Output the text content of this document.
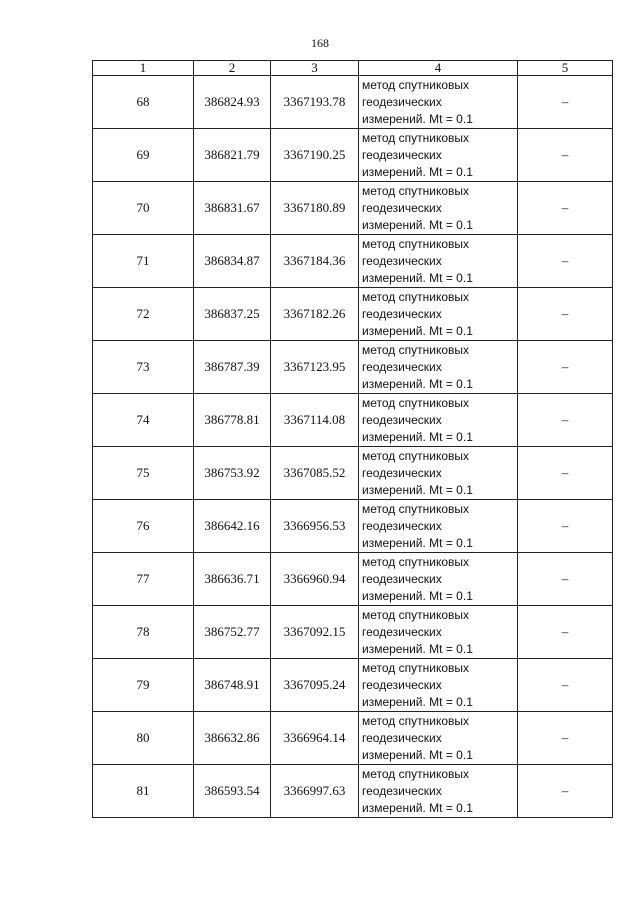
168
1	2	3	4	5
68	386824.93	3367193.78	метод спутниковых
геодезических
измерений. Mt = 0.1	–
69	386821.79	3367190.25	метод спутниковых
геодезических
измерений. Mt = 0.1	–
70	386831.67	3367180.89	метод спутниковых
геодезических
измерений. Mt = 0.1	–
71	386834.87	3367184.36	метод спутниковых
геодезических
измерений. Mt = 0.1	–
72	386837.25	3367182.26	метод спутниковых
геодезических
измерений. Mt = 0.1	–
73	386787.39	3367123.95	метод спутниковых
геодезических
измерений. Mt = 0.1	–
74	386778.81	3367114.08	метод спутниковых
геодезических
измерений. Mt = 0.1	–
75	386753.92	3367085.52	метод спутниковых
геодезических
измерений. Mt = 0.1	–
76	386642.16	3366956.53	метод спутниковых
геодезических
измерений. Mt = 0.1	–
77	386636.71	3366960.94	метод спутниковых
геодезических
измерений. Mt = 0.1	–
78	386752.77	3367092.15	метод спутниковых
геодезических
измерений. Mt = 0.1	–
79	386748.91	3367095.24	метод спутниковых
геодезических
измерений. Mt = 0.1	–
80	386632.86	3366964.14	метод спутниковых
геодезических
измерений. Mt = 0.1	–
81	386593.54	3366997.63	метод спутниковых
геодезических
измерений. Mt = 0.1	–
